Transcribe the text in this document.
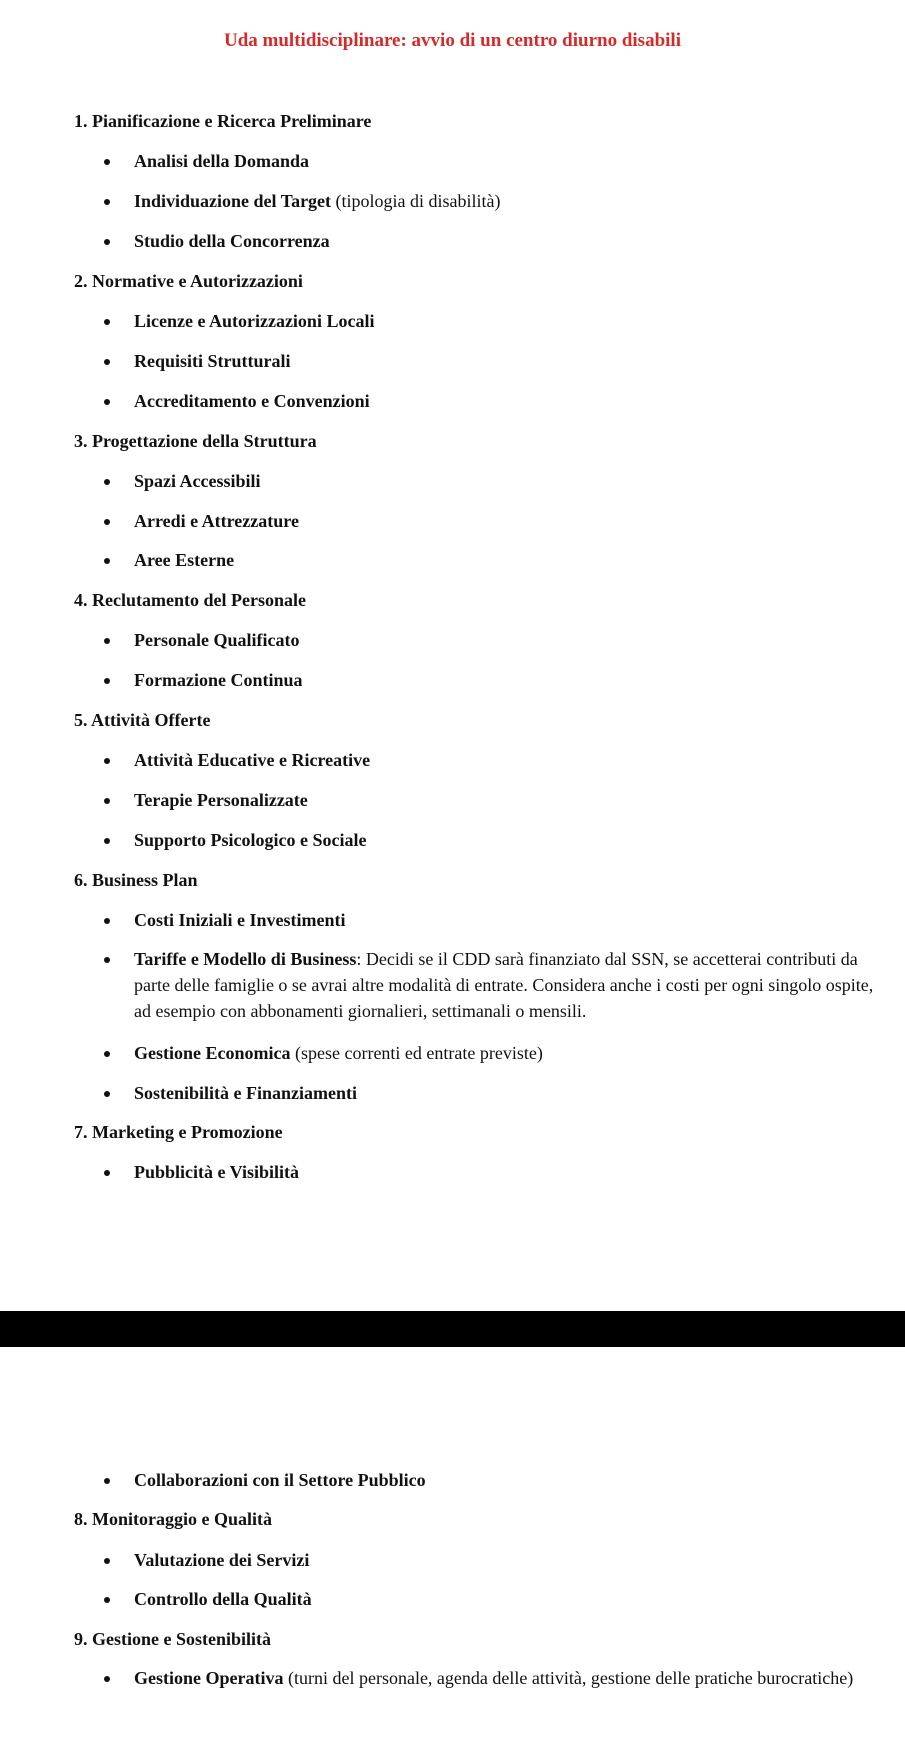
Uda multidisciplinare: avvio di un centro diurno disabili
1. Pianificazione e Ricerca Preliminare
Analisi della Domanda
Individuazione del Target (tipologia di disabilità)
Studio della Concorrenza
2. Normative e Autorizzazioni
Licenze e Autorizzazioni Locali
Requisiti Strutturali
Accreditamento e Convenzioni
3. Progettazione della Struttura
Spazi Accessibili
Arredi e Attrezzature
Aree Esterne
4. Reclutamento del Personale
Personale Qualificato
Formazione Continua
5. Attività Offerte
Attività Educative e Ricreative
Terapie Personalizzate
Supporto Psicologico e Sociale
6. Business Plan
Costi Iniziali e Investimenti
Tariffe e Modello di Business: Decidi se il CDD sarà finanziato dal SSN, se accetterai contributi da parte delle famiglie o se avrai altre modalità di entrate. Considera anche i costi per ogni singolo ospite, ad esempio con abbonamenti giornalieri, settimanali o mensili.
Gestione Economica (spese correnti ed entrate previste)
Sostenibilità e Finanziamenti
7. Marketing e Promozione
Pubblicità e Visibilità
Collaborazioni con il Settore Pubblico
8. Monitoraggio e Qualità
Valutazione dei Servizi
Controllo della Qualità
9. Gestione e Sostenibilità
Gestione Operativa (turni del personale, agenda delle attività, gestione delle pratiche burocratiche)
